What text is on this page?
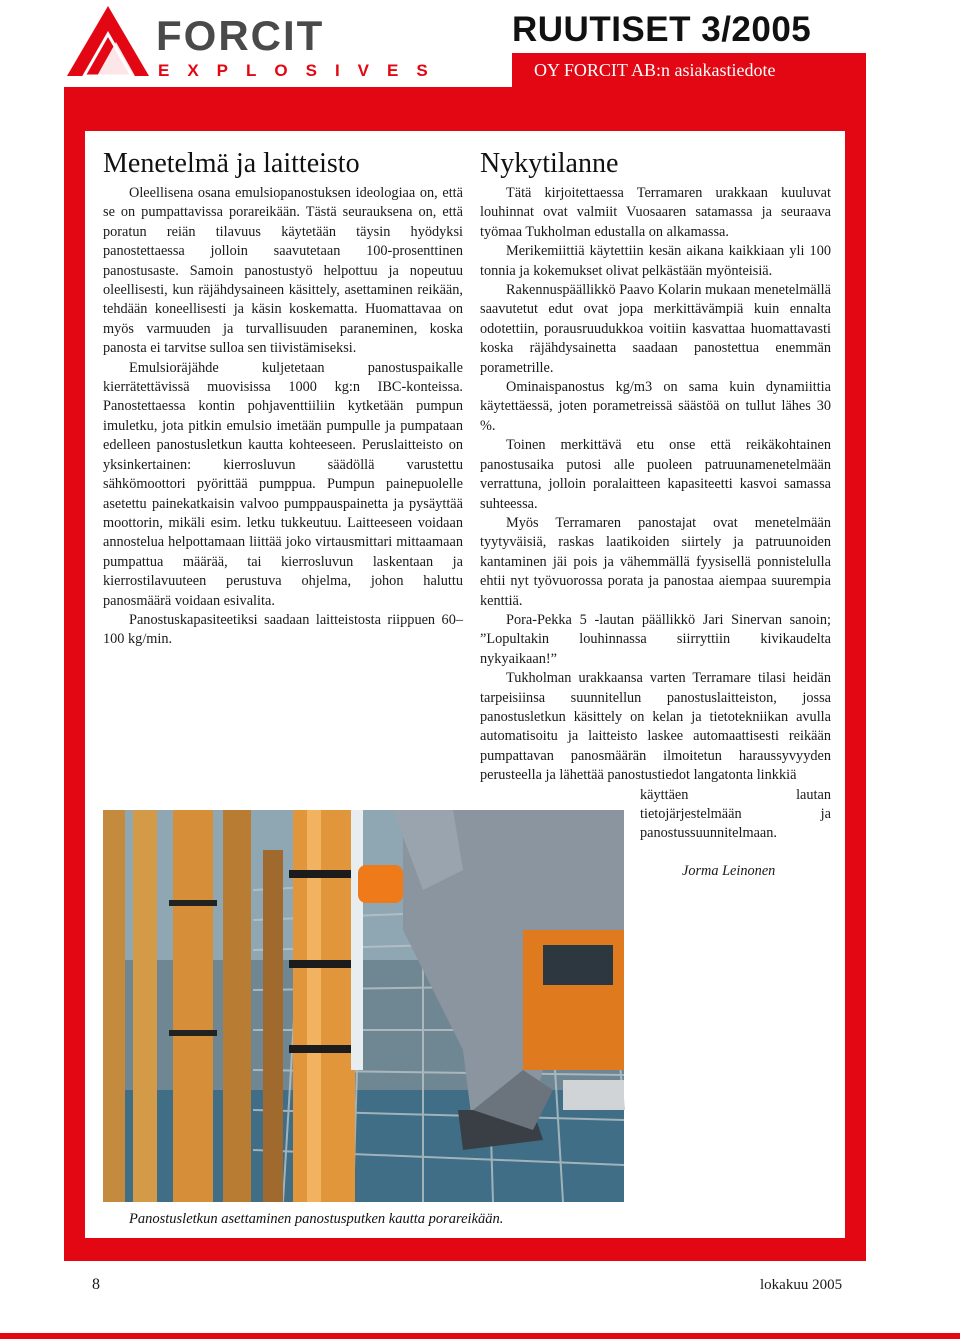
FORCIT
EXPLOSIVES
RUUTISET 3/2005
OY FORCIT AB:n asiakastiedote
Menetelmä ja laitteisto

Oleellisena osana emulsiopanostuksen ideologiaa on, että se on pumpattavissa porareikään. Tästä seurauksena on, että poratun reiän tilavuus käytetään täysin hyödyksi panostettaessa jolloin saavutetaan 100-prosenttinen panostusaste. Samoin panostustyö helpottuu ja nopeutuu oleellisesti, kun räjähdysaineen käsittely, asettaminen reikään, tehdään koneellisesti ja käsin koskematta. Huomattavaa on myös varmuuden ja turvallisuuden paraneminen, koska panosta ei tarvitse sulloa sen tiivistämiseksi.

Emulsioräjähde kuljetetaan panostuspaikalle kierrätettävissä muovisissa 1000 kg:n IBC-konteissa. Panostettaessa kontin pohjaventtiiliin kytketään pumpun imuletku, jota pitkin emulsio imetään pumpulle ja pumpataan edelleen panostusletkun kautta kohteeseen. Peruslaitteisto on yksinkertainen: kierrosluvun säädöllä varustettu sähkömoottori pyörittää pumppua. Pumpun painepuolelle asetettu painekatkaisin valvoo pumppauspainetta ja pysäyttää moottorin, mikäli esim. letku tukkeutuu. Laitteeseen voidaan annostelua helpottamaan liittää joko virtausmittari mittaamaan pumpattua määrää, tai kierrosluvun laskentaan ja kierrostilavuuteen perustuva ohjelma, johon haluttu panosmäärä voidaan esivalita.

Panostuskapasiteetiksi saadaan laitteistosta riippuen 60–100 kg/min.

Nykytilanne

Tätä kirjoitettaessa Terramaren urakkaan kuuluvat louhinnat ovat valmiit Vuosaaren satamassa ja seuraava työmaa Tukholman edustalla on alkamassa.

Merikemiittiä käytettiin kesän aikana kaikkiaan yli 100 tonnia ja kokemukset olivat pelkästään myönteisiä.

Rakennuspäällikkö Paavo Kolarin mukaan menetelmällä saavutetut edut ovat jopa merkittävämpiä kuin ennalta odotettiin, porausruudukkoa voitiin kasvattaa huomattavasti koska räjähdysainetta saadaan panostettua enemmän porametrille.

Ominaispanostus kg/m3 on sama kuin dynamiittia käytettäessä, joten porametreissä säästöä on tullut lähes 30 %.

Toinen merkittävä etu onse että reikäkohtainen panostusaika putosi alle puoleen patruunamenetelmään verrattuna, jolloin poralaitteen kapasiteetti kasvoi samassa suhteessa.

Myös Terramaren panostajat ovat menetelmään tyytyväisiä, raskas laatikoiden siirtely ja patruunoiden kantaminen jäi pois ja vähemmällä fyysisellä ponnistelulla ehtii nyt työvuorossa porata ja panostaa aiempaa suurempia kenttiä.

Pora-Pekka 5 -lautan päällikkö Jari Sinervan sanoin; ”Lopultakin louhinnassa siirryttiin kivikaudelta nykyaikaan!”

Tukholman urakkaansa varten Terramare tilasi heidän tarpeisiinsa suunnitellun panostuslaitteiston, jossa panostusletkun käsittely on kelan ja tietotekniikan avulla automatisoitu ja laitteisto laskee automaattisesti reikään pumpattavan panosmäärän ilmoitetun haraussyvyyden perusteella ja lähettää panostustiedot langatonta linkkiä

käyttäen lautan tietojärjestelmään ja panostussuunnitelmaan.

Jorma Leinonen

Panostusletkun asettaminen panostusputken kautta porareikään.
8	lokakuu 2005
